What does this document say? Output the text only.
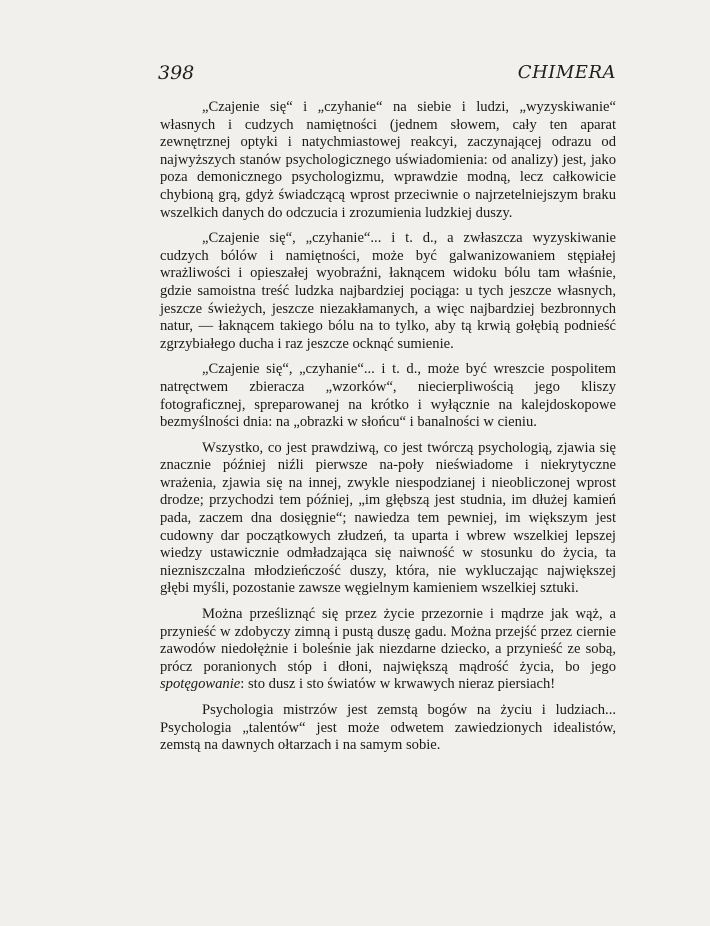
398	CHIMERA

„Czajenie się“ i „czyhanie“ na siebie i ludzi, „wyzyskiwanie“ własnych i cudzych namiętności (jednem słowem, cały ten aparat zewnętrznej optyki i natychmiastowej reakcyi, zaczynającej odrazu od najwyższych stanów psychologicznego uświadomienia: od analizy) jest, jako poza demonicznego psychologizmu, wprawdzie modną, lecz całkowicie chybioną grą, gdyż świadczącą wprost przeciwnie o najrzetelniejszym braku wszelkich danych do odczucia i zrozumienia ludzkiej duszy.

„Czajenie się“, „czyhanie“... i t. d., a zwłaszcza wyzyskiwanie cudzych bólów i namiętności, może być galwanizowaniem stępiałej wrażliwości i opieszałej wyobraźni, łaknącem widoku bólu tam właśnie, gdzie samoistna treść ludzka najbardziej pociąga: u tych jeszcze własnych, jeszcze świeżych, jeszcze niezakłamanych, a więc najbardziej bezbronnych natur, — łaknącem takiego bólu na to tylko, aby tą krwią gołębią podnieść zgrzybiałego ducha i raz jeszcze ocknąć sumienie.

„Czajenie się“, „czyhanie“... i t. d., może być wreszcie pospolitem natręctwem zbieracza „wzorków“, niecierpliwością jego kliszy fotograficznej, spreparowanej na krótko i wyłącznie na kalejdoskopowe bezmyślności dnia: na „obrazki w słońcu“ i banalności w cieniu.

Wszystko, co jest prawdziwą, co jest twórczą psychologią, zjawia się znacznie później niźli pierwsze na-poły nieświadome i niekrytyczne wrażenia, zjawia się na innej, zwykle niespodzianej i nieobliczonej wprost drodze; przychodzi tem później, „im głębszą jest studnia, im dłużej kamień pada, zaczem dna dosięgnie“; nawiedza tem pewniej, im większym jest cudowny dar początkowych złudzeń, ta uparta i wbrew wszelkiej lepszej wiedzy ustawicznie odmładzająca się naiwność w stosunku do życia, ta niezniszczalna młodzieńczość duszy, która, nie wykluczając największej głębi myśli, pozostanie zawsze węgielnym kamieniem wszelkiej sztuki.

Można prześliznąć się przez życie przezornie i mądrze jak wąż, a przynieść w zdobyczy zimną i pustą duszę gadu. Można przejść przez ciernie zawodów niedołężnie i boleśnie jak niezdarne dziecko, a przynieść ze sobą, prócz poranionych stóp i dłoni, największą mądrość życia, bo jego spotęgowanie: sto dusz i sto światów w krwawych nieraz piersiach!

Psychologia mistrzów jest zemstą bogów na życiu i ludziach... Psychologia „talentów“ jest może odwetem zawiedzionych idealistów, zemstą na dawnych ołtarzach i na samym sobie.
